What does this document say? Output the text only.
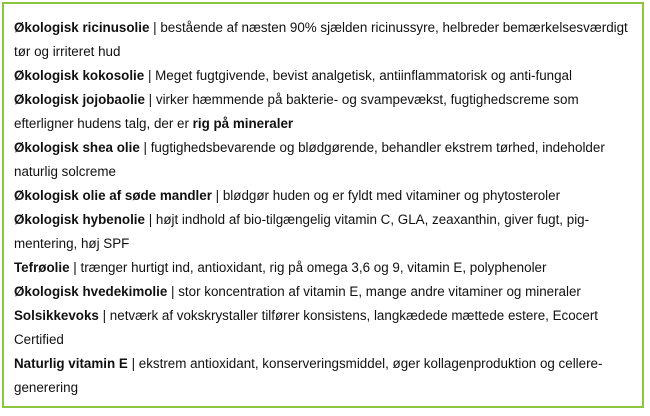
Økologisk ricinusolie | bestående af næsten 90% sjælden ricinussyre, helbreder bemærkelsesværdigt tør og irriteret hud

Økologisk kokosolie | Meget fugtgivende, bevist analgetisk, antiinflammatorisk og anti-fungal

Økologisk jojobaolie | virker hæmmende på bakterie- og svampevækst, fugtighedscreme som efterligner hudens talg, der er rig på mineraler

Økologisk shea olie | fugtighedsbevarende og blødgørende, behandler ekstrem tørhed, indeholder naturlig solcreme

Økologisk olie af søde mandler | blødgør huden og er fyldt med vitaminer og phytosteroler

Økologisk hybenolie | højt indhold af bio-tilgængelig vitamin C, GLA, zeaxanthin, giver fugt, pig-mentering, høj SPF

Tefrøolie | trænger hurtigt ind, antioxidant, rig på omega 3,6 og 9, vitamin E, polyphenoler

Økologisk hvedekimolie | stor koncentration af vitamin E, mange andre vitaminer og mineraler

Solsikkevoks | netværk af vokskrystaller tilfører konsistens, langkædede mættede estere, Ecocert Certified

Naturlig vitamin E | ekstrem antioxidant, konserveringsmiddel, øger kollagenproduktion og cellere-generering
